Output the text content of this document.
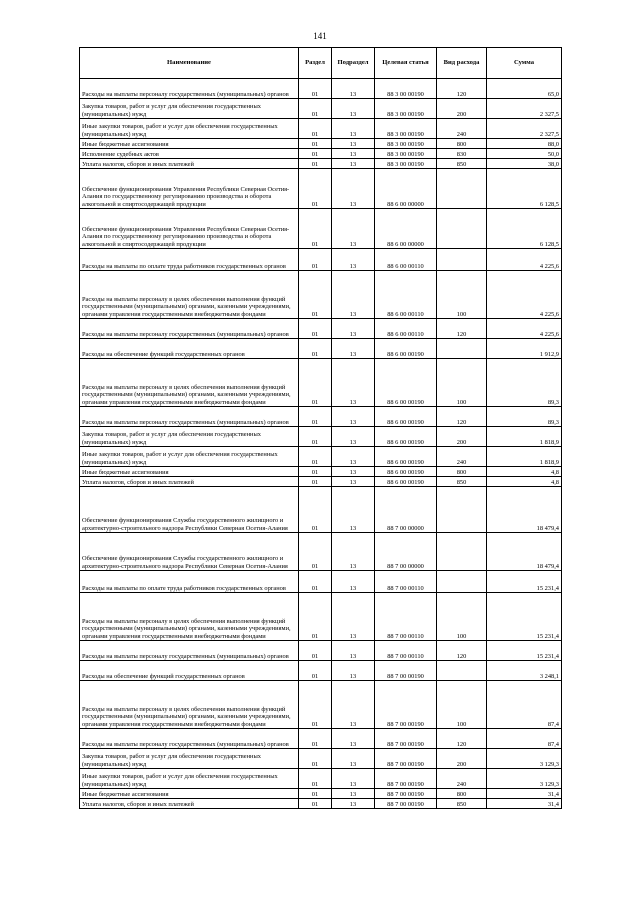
141
Наименование	Раздел	Подраздел	Целевая статья	Вид расхода	Сумма
Расходы на выплаты персоналу государственных (муниципальных) органов	01	13	88 3 00 00190	120	65,0
Закупка товаров, работ и услуг для обеспечения государственных (муниципальных) нужд	01	13	88 3 00 00190	200	2 327,5
Иные закупки товаров, работ и услуг для обеспечения государственных (муниципальных) нужд	01	13	88 3 00 00190	240	2 327,5
Иные бюджетные ассигнования	01	13	88 3 00 00190	800	88,0
Исполнение судебных актов	01	13	88 3 00 00190	830	50,0
Уплата налогов, сборов и иных платежей	01	13	88 3 00 00190	850	38,0
Обеспечение функционирования Управления Республики Северная Осетия-Алания по государственному регулированию производства и оборота алкогольной и спиртосодержащей продукции	01	13	88 6 00 00000		6 128,5
Обеспечение функционирования Управления Республики Северная Осетия-Алания по государственному регулированию производства и оборота алкогольной и спиртосодержащей продукции	01	13	88 6 00 00000		6 128,5
Расходы на выплаты по оплате труда работников государственных органов	01	13	88 6 00 00110		4 225,6
Расходы на выплаты персоналу в целях обеспечения выполнения функций государственными (муниципальными) органами, казенными учреждениями, органами управления государственными внебюджетными фондами	01	13	88 6 00 00110	100	4 225,6
Расходы на выплаты персоналу государственных (муниципальных) органов	01	13	88 6 00 00110	120	4 225,6
Расходы на обеспечение функций государственных органов	01	13	88 6 00 00190		1 912,9
Расходы на выплаты персоналу в целях обеспечения выполнения функций государственными (муниципальными) органами, казенными учреждениями, органами управления государственными внебюджетными фондами	01	13	88 6 00 00190	100	89,3
Расходы на выплаты персоналу государственных (муниципальных) органов	01	13	88 6 00 00190	120	89,3
Закупка товаров, работ и услуг для обеспечения государственных (муниципальных) нужд	01	13	88 6 00 00190	200	1 818,9
Иные закупки товаров, работ и услуг для обеспечения государственных (муниципальных) нужд	01	13	88 6 00 00190	240	1 818,9
Иные бюджетные ассигнования	01	13	88 6 00 00190	800	4,8
Уплата налогов, сборов и иных платежей	01	13	88 6 00 00190	850	4,8
Обеспечение функционирования Службы государственного жилищного и архитектурно-строительного надзора Республики Северная Осетия-Алания	01	13	88 7 00 00000		18 479,4
Обеспечение функционирования Службы государственного жилищного и архитектурно-строительного надзора Республики Северная Осетия-Алания	01	13	88 7 00 00000		18 479,4
Расходы на выплаты по оплате труда работников государственных органов	01	13	88 7 00 00110		15 231,4
Расходы на выплаты персоналу в целях обеспечения выполнения функций государственными (муниципальными) органами, казенными учреждениями, органами управления государственными внебюджетными фондами	01	13	88 7 00 00110	100	15 231,4
Расходы на выплаты персоналу государственных (муниципальных) органов	01	13	88 7 00 00110	120	15 231,4
Расходы на обеспечение функций государственных органов	01	13	88 7 00 00190		3 248,1
Расходы на выплаты персоналу в целях обеспечения выполнения функций государственными (муниципальными) органами, казенными учреждениями, органами управления государственными внебюджетными фондами	01	13	88 7 00 00190	100	87,4
Расходы на выплаты персоналу государственных (муниципальных) органов	01	13	88 7 00 00190	120	87,4
Закупка товаров, работ и услуг для обеспечения государственных (муниципальных) нужд	01	13	88 7 00 00190	200	3 129,3
Иные закупки товаров, работ и услуг для обеспечения государственных (муниципальных) нужд	01	13	88 7 00 00190	240	3 129,3
Иные бюджетные ассигнования	01	13	88 7 00 00190	800	31,4
Уплата налогов, сборов и иных платежей	01	13	88 7 00 00190	850	31,4
